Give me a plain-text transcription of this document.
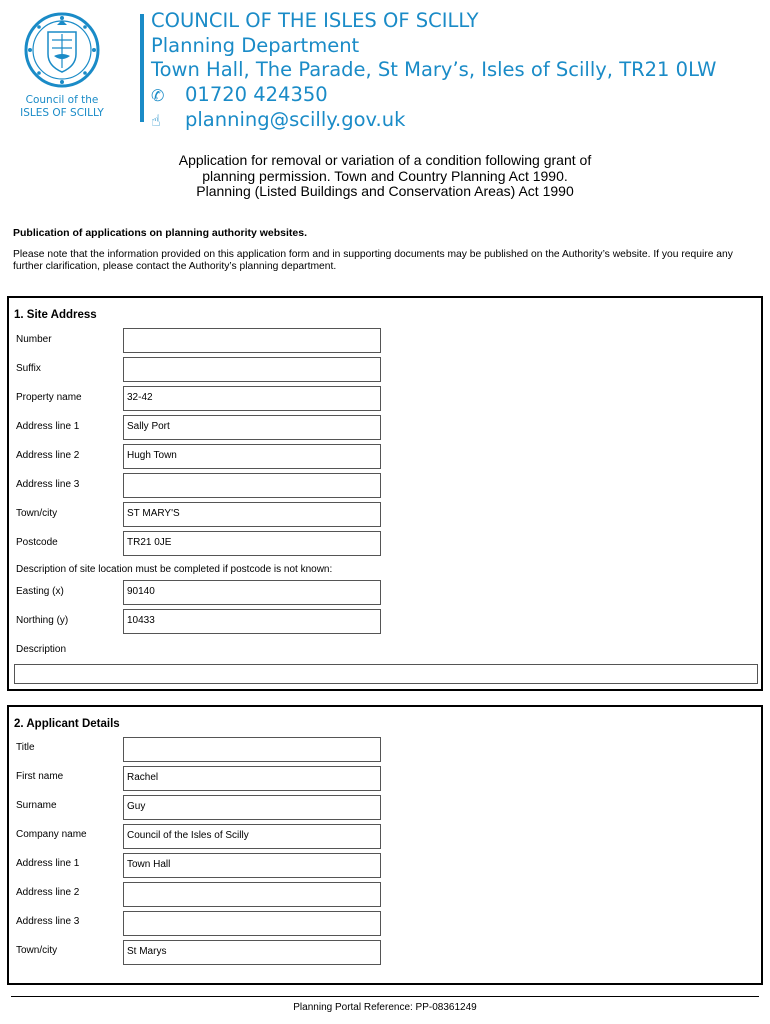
Council of the
ISLES OF SCILLY
COUNCIL OF THE ISLES OF SCILLY
Planning Department
Town Hall, The Parade, St Mary’s, Isles of Scilly, TR21 0LW
✆ 01720 424350
☝ planning@scilly.gov.uk
Application for removal or variation of a condition following grant of
planning permission. Town and Country Planning Act 1990.
Planning (Listed Buildings and Conservation Areas) Act 1990
Publication of applications on planning authority websites.
Please note that the information provided on this application form and in supporting documents may be published on the Authority’s website. If you require any further clarification, please contact the Authority’s planning department.
1. Site Address
Number
Suffix
Property name	32-42
Address line 1	Sally Port
Address line 2	Hugh Town
Address line 3
Town/city	ST MARY'S
Postcode	TR21 0JE
Description of site location must be completed if postcode is not known:
Easting (x)	90140
Northing (y)	10433
Description
2. Applicant Details
Title
First name	Rachel
Surname	Guy
Company name	Council of the Isles of Scilly
Address line 1	Town Hall
Address line 2
Address line 3
Town/city	St Marys
Planning Portal Reference: PP-08361249
